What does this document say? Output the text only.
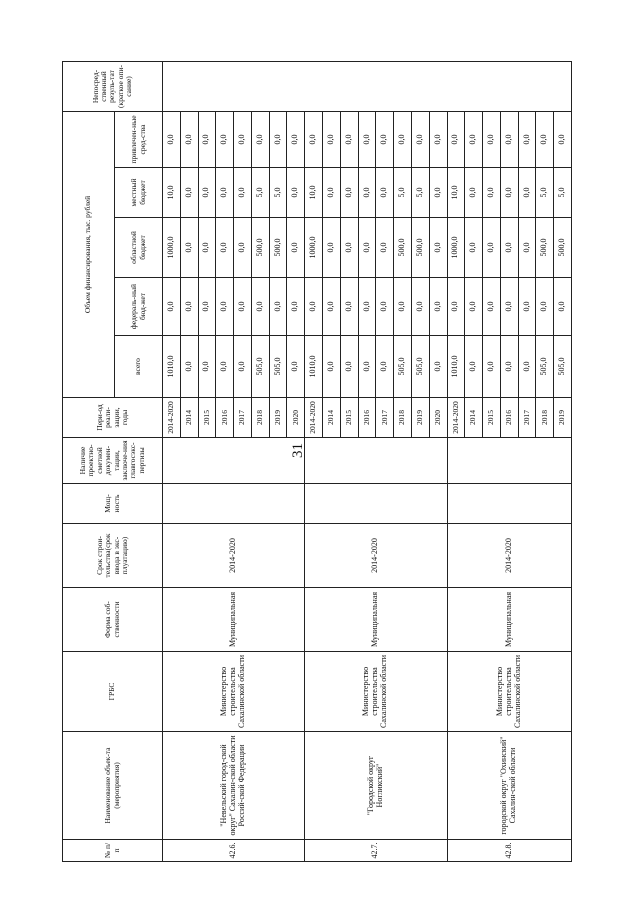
31
№ п/п	Наименование объек-та (мероприятия)	ГРБС	Форма соб-ственности	Срок строи-тельства(срок ввода в экс-плуатацию)	Мощ-ность	Наличие проектно-сметной докумен-тации, заключе-ния главгосэкс-пертизы	Пери-од реали-зации, годы	Объем финансирования, тыс. рублей					Непосред-ственный резуль-тат (краткое опи-сание)
								всего	федераль-ный бюд-жет	областной бюджет	местный бюджет	привлечен-ные сред-ства	
42.6.	"Невельский город-ской округ" Сахалин-ской области Россий-ской Федерации	Министерство строительства Сахалинской области	Муниципальная	2014-2020			2014-2020	1010,0	0,0	1000,0	10,0	0,0	
							2014	0,0	0,0	0,0	0,0	0,0	
							2015	0,0	0,0	0,0	0,0	0,0	
							2016	0,0	0,0	0,0	0,0	0,0	
							2017	0,0	0,0	0,0	0,0	0,0	
							2018	505,0	0,0	500,0	5,0	0,0	
							2019	505,0	0,0	500,0	5,0	0,0	
							2020	0,0	0,0	0,0	0,0	0,0	
42.7.	"Городской округ Ногликский"	Министерство строительства Сахалинской области	Муниципальная	2014-2020			2014-2020	1010,0	0,0	1000,0	10,0	0,0	
							2014	0,0	0,0	0,0	0,0	0,0	
							2015	0,0	0,0	0,0	0,0	0,0	
							2016	0,0	0,0	0,0	0,0	0,0	
							2017	0,0	0,0	0,0	0,0	0,0	
							2018	505,0	0,0	500,0	5,0	0,0	
							2019	505,0	0,0	500,0	5,0	0,0	
							2020	0,0	0,0	0,0	0,0	0,0	
42.8.	городской округ "Охинский" Сахалин-ской области	Министерство строительства Сахалинской области	Муниципальная	2014-2020			2014-2020	1010,0	0,0	1000,0	10,0	0,0	
							2014	0,0	0,0	0,0	0,0	0,0	
							2015	0,0	0,0	0,0	0,0	0,0	
							2016	0,0	0,0	0,0	0,0	0,0	
							2017	0,0	0,0	0,0	0,0	0,0	
							2018	505,0	0,0	500,0	5,0	0,0	
							2019	505,0	0,0	500,0	5,0	0,0	
